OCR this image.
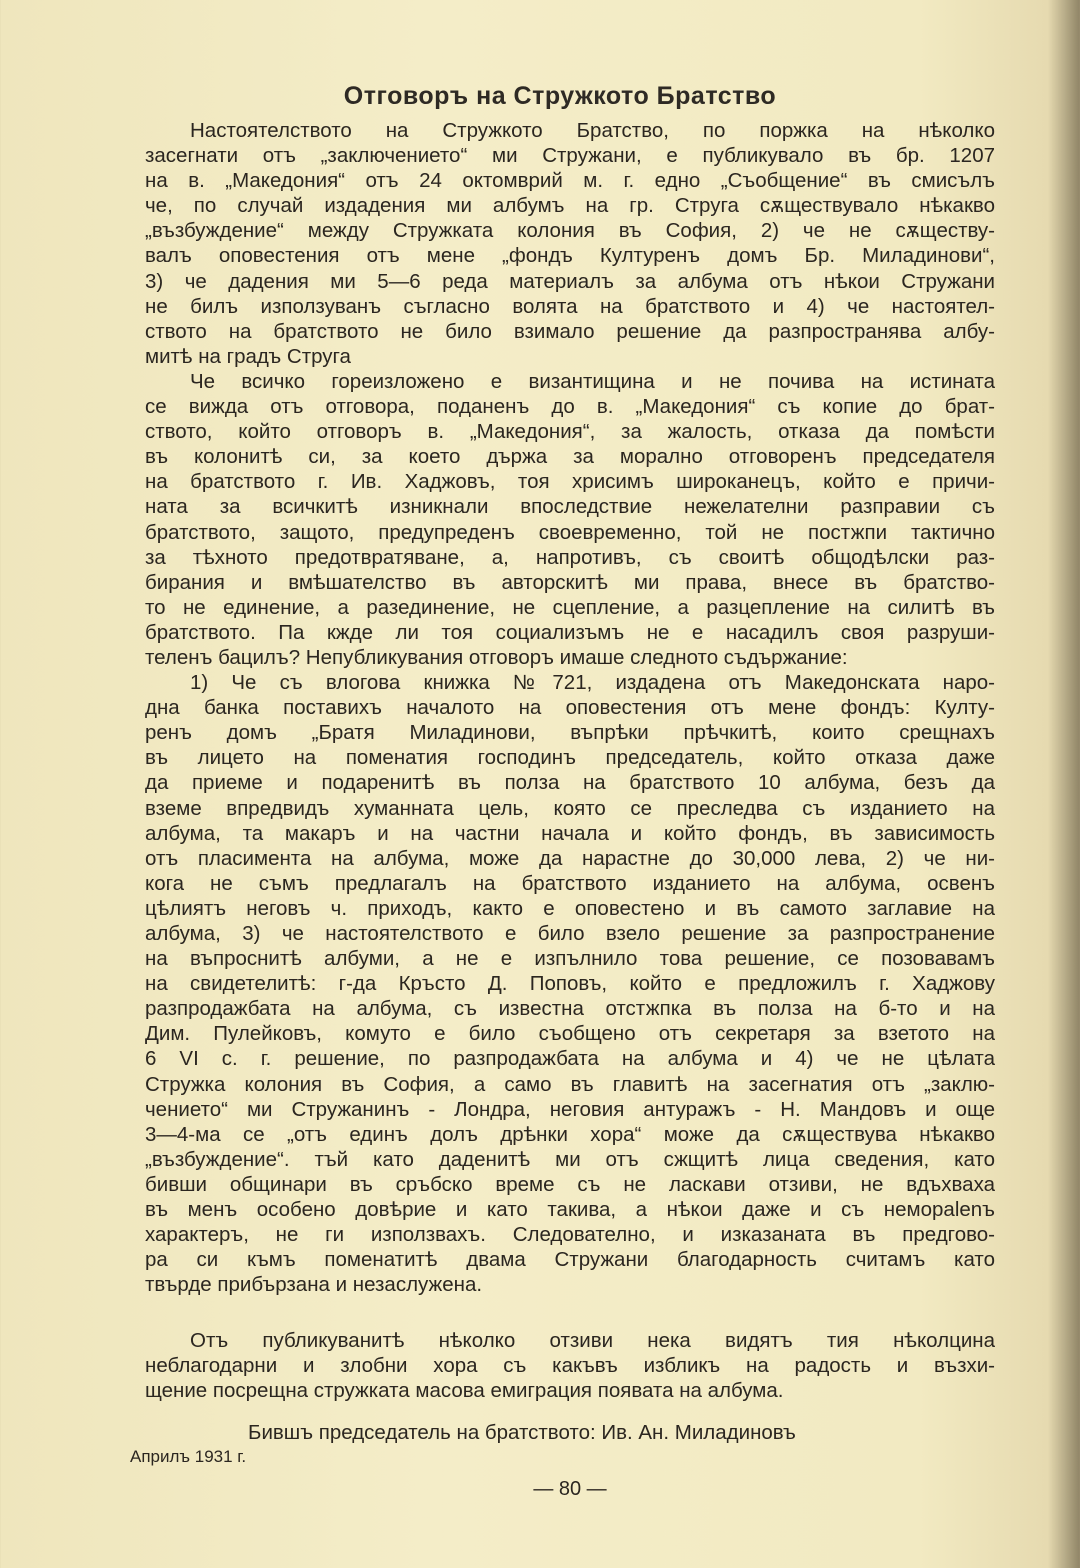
Отговоръ на Стружкото Братство
Настоятелството на Стружкото Братство, по поржка на нѣколко
засегнати отъ „заключението“ ми Стружани, е публикувало въ бр. 1207
на в. „Македония“ отъ 24 октомврий м. г. едно „Съобщение“ въ смисълъ
че, по случай издадения ми албумъ на гр. Струга сѫществувало нѣкакво
„възбуждение“ между Стружката колония въ София, 2) че не сѫществу-
валъ оповестения отъ мене „фондъ Културенъ домъ Бр. Миладинови“,
3) че дадения ми 5—6 реда материалъ за албума отъ нѣкои Стружани
не билъ използуванъ съгласно волята на братството и 4) че настоятел-
ството на братството не било взимало решение да разпространява албу-
митѣ на градъ Струга
Че всичко гореизложено е византищина и не почива на истината
се вижда отъ отговора, поданенъ до в. „Македония“ съ копие до брат-
ството, който отговоръ в. „Македония“, за жалость, отказа да помѣсти
въ колонитѣ си, за което държа за морално отговоренъ председателя
на братството г. Ив. Хаджовъ, тоя хрисимъ широканецъ, който е причи-
ната за всичкитѣ изникнали впоследствие нежелателни разправии съ
братството, защото, предупреденъ своевременно, той не постжпи тактично
за тѣхното предотвратяване, а, напротивъ, съ своитѣ общодѣлски раз-
бирания и вмѣшателство въ авторскитѣ ми права, внесе въ братство-
то не единение, а разединение, не сцепление, а разцепление на силитѣ въ
братството. Па кжде ли тоя социализъмъ не е насадилъ своя разруши-
теленъ бацилъ? Непубликувания отговоръ имаше следното съдържание:
1) Че съ влогова книжка №721, издадена отъ Македонската наро-
дна банка поставихъ началото на оповестения отъ мене фондъ: Култу-
ренъ домъ „Братя Миладинови, въпрѣки прѣчкитѣ, които срещнахъ
въ лицето на поменатия господинъ председатель, който отказа даже
да приеме и подаренитѣ въ полза на братството 10 албума, безъ да
вземе впредвидъ хуманната цель, която се преследва съ изданието на
албума, та макаръ и на частни начала и който фондъ, въ зависимость
отъ пласимента на албума, може да нарастне до 30,000 лева, 2) че ни-
кога не съмъ предлагалъ на братството изданието на албума, освенъ
цѣлиятъ неговъ ч. приходъ, както е оповестено и въ самото заглавие на
албума, 3) че настоятелството е било взело решение за разпространение
на въпроснитѣ албуми, а не е изпълнило това решение, се позовавамъ
на свидетелитѣ: г-да Кръсто Д. Поповъ, който е предложилъ г. Хаджову
разпродажбата на албума, съ известна отстжпка въ полза на б-то и на
Дим. Пулейковъ, комуто е било съобщено отъ секретаря за взетото на
6 VI с. г. решение, по разпродажбата на албума и 4) че не цѣлата
Стружка колония въ София, а само въ главитѣ на засегнатия отъ „заклю-
чението“ ми Стружанинъ - Лондра, неговия антуражъ - Н. Мандовъ и още
3—4-ма се „отъ единъ долъ дрѣнки хора“ може да сѫществува нѣкакво
„възбуждение“. тъй като даденитѣ ми отъ сжщитѣ лица сведения, като
бивши общинари въ сръбско време съ не ласкави отзиви, не вдъхваха
въ менъ особено довѣрие и като такива, а нѣкои даже и съ неморalenъ
характеръ, не ги използвахъ. Следователно, и изказаната въ предгово-
ра си къмъ поменатитѣ двама Стружани благодарность считамъ като
твърде прибързана и незаслужена.
Отъ публикуванитѣ нѣколко отзиви нека видятъ тия нѣколцина
неблагодарни и злобни хора съ какъвъ избликъ на радость и възхи-
щение посрещна стружката масова емиграция появата на албума.
Бившъ председатель на братството: Ив. Ан. Миладиновъ
Априлъ 1931 г.
— 80 —
